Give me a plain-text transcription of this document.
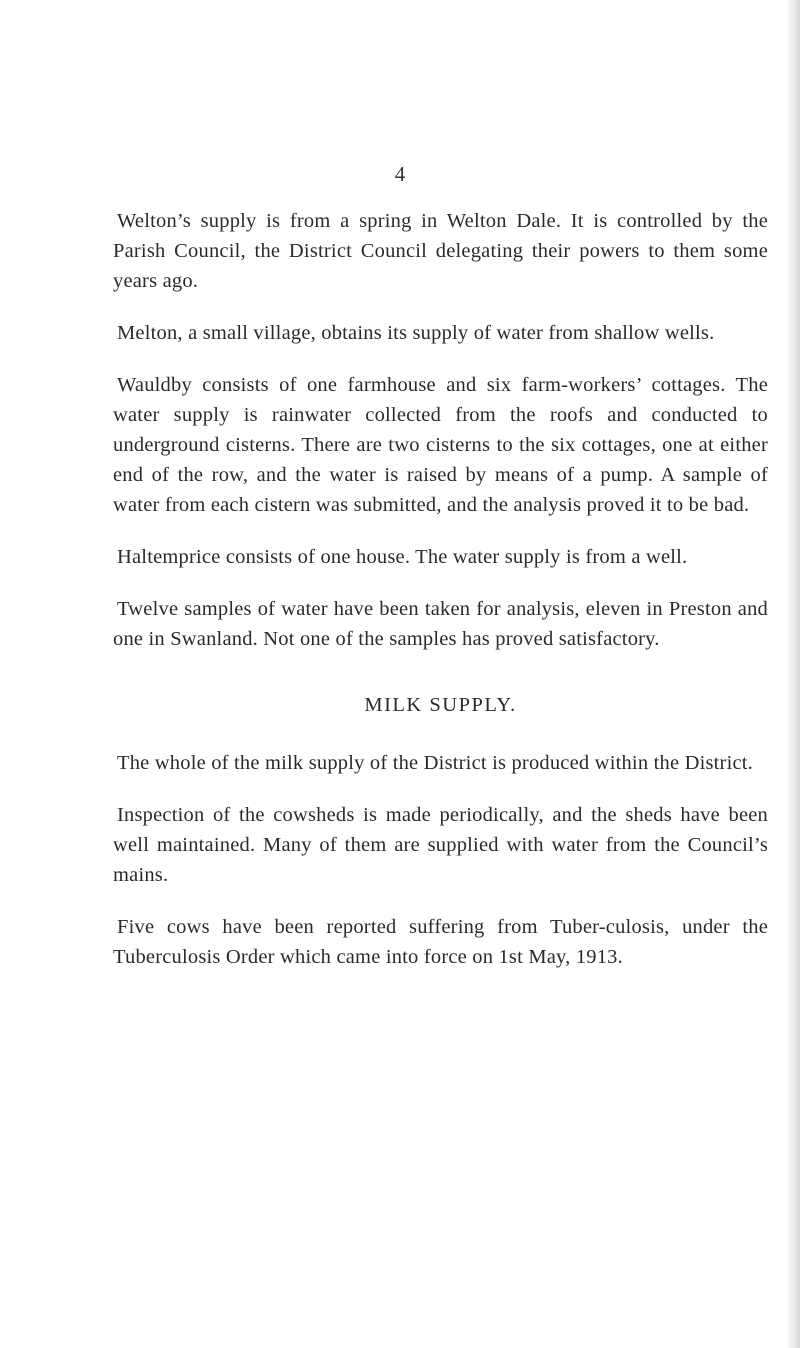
4

Welton’s supply is from a spring in Welton Dale. It is controlled by the Parish Council, the District Council delegating their powers to them some years ago.

Melton, a small village, obtains its supply of water from shallow wells.

Wauldby consists of one farmhouse and six farm-workers’ cottages. The water supply is rainwater collected from the roofs and conducted to underground cisterns. There are two cisterns to the six cottages, one at either end of the row, and the water is raised by means of a pump. A sample of water from each cistern was submitted, and the analysis proved it to be bad.

Haltemprice consists of one house. The water supply is from a well.

Twelve samples of water have been taken for analysis, eleven in Preston and one in Swanland. Not one of the samples has proved satisfactory.

MILK SUPPLY.

The whole of the milk supply of the District is produced within the District.

Inspection of the cowsheds is made periodically, and the sheds have been well maintained. Many of them are supplied with water from the Council’s mains.

Five cows have been reported suffering from Tuber-culosis, under the Tuberculosis Order which came into force on 1st May, 1913.
